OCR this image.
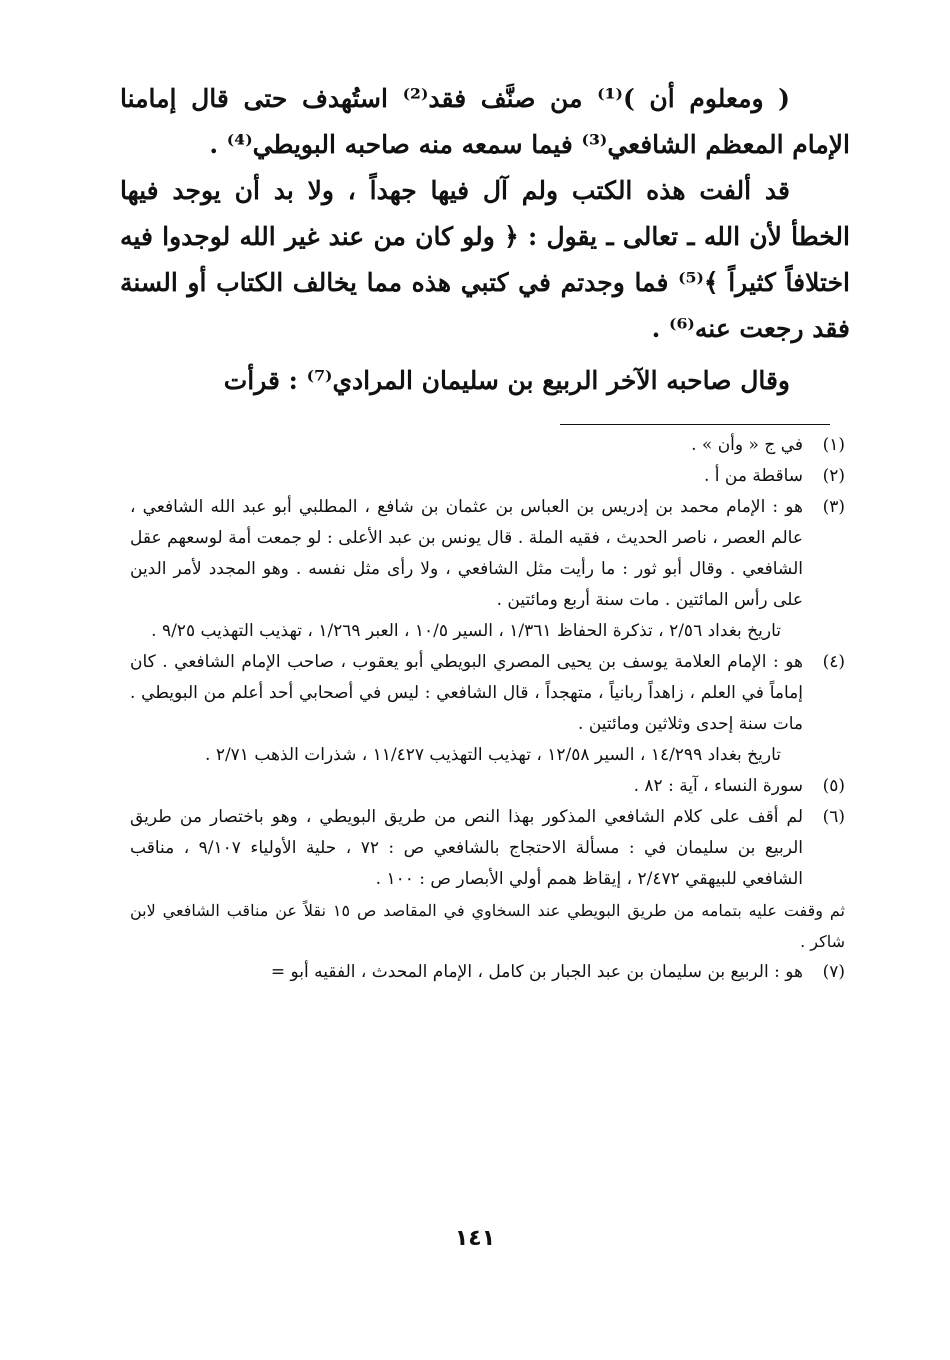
( ومعلوم أن )⁽¹⁾ من صنَّف فقد⁽²⁾ استُهدف حتى قال إمامنا الإمام المعظم الشافعي⁽³⁾ فيما سمعه منه صاحبه البويطي⁽⁴⁾ .

قد ألفت هذه الكتب ولم آل فيها جهداً ، ولا بد أن يوجد فيها الخطأ لأن الله ـ تعالى ـ يقول : ﴿ ولو كان من عند غير الله لوجدوا فيه اختلافاً كثيراً ﴾⁽⁵⁾ فما وجدتم في كتبي هذه مما يخالف الكتاب أو السنة فقد رجعت عنه⁽⁶⁾ .

وقال صاحبه الآخر الربيع بن سليمان المرادي⁽⁷⁾ : قرأت

(١)

في ج « وأن » .

(٢)

ساقطة من أ .

(٣)

هو : الإمام محمد بن إدريس بن العباس بن عثمان بن شافع ، المطلبي أبو عبد الله الشافعي ، عالم العصر ، ناصر الحديث ، فقيه الملة . قال يونس بن عبد الأعلى : لو جمعت أمة لوسعهم عقل الشافعي . وقال أبو ثور : ما رأيت مثل الشافعي ، ولا رأى مثل نفسه . وهو المجدد لأمر الدين على رأس المائتين . مات سنة أربع ومائتين .

تاريخ بغداد ٢/٥٦ ، تذكرة الحفاظ ١/٣٦١ ، السير ١٠/٥ ، العبر ١/٢٦٩ ، تهذيب التهذيب ٩/٢٥ .

(٤)

هو : الإمام العلامة يوسف بن يحيى المصري البويطي أبو يعقوب ، صاحب الإمام الشافعي . كان إماماً في العلم ، زاهداً ربانياً ، متهجداً ، قال الشافعي : ليس في أصحابي أحد أعلم من البويطي . مات سنة إحدى وثلاثين ومائتين .

تاريخ بغداد ١٤/٢٩٩ ، السير ١٢/٥٨ ، تهذيب التهذيب ١١/٤٢٧ ، شذرات الذهب ٢/٧١ .

(٥)

سورة النساء ، آية : ٨٢ .

(٦)

لم أقف على كلام الشافعي المذكور بهذا النص من طريق البويطي ، وهو باختصار من طريق الربيع بن سليمان في : مسألة الاحتجاج بالشافعي ص : ٧٢ ، حلية الأولياء ٩/١٠٧ ، مناقب الشافعي للبيهقي ٢/٤٧٢ ، إيقاظ همم أولي الأبصار ص : ١٠٠ .

ثم وقفت عليه بتمامه من طريق البويطي عند السخاوي في المقاصد ص ١٥ نقلاً عن مناقب الشافعي لابن شاكر .

(٧)

هو : الربيع بن سليمان بن عبد الجبار بن كامل ، الإمام المحدث ، الفقيه أبو =

١٤١
